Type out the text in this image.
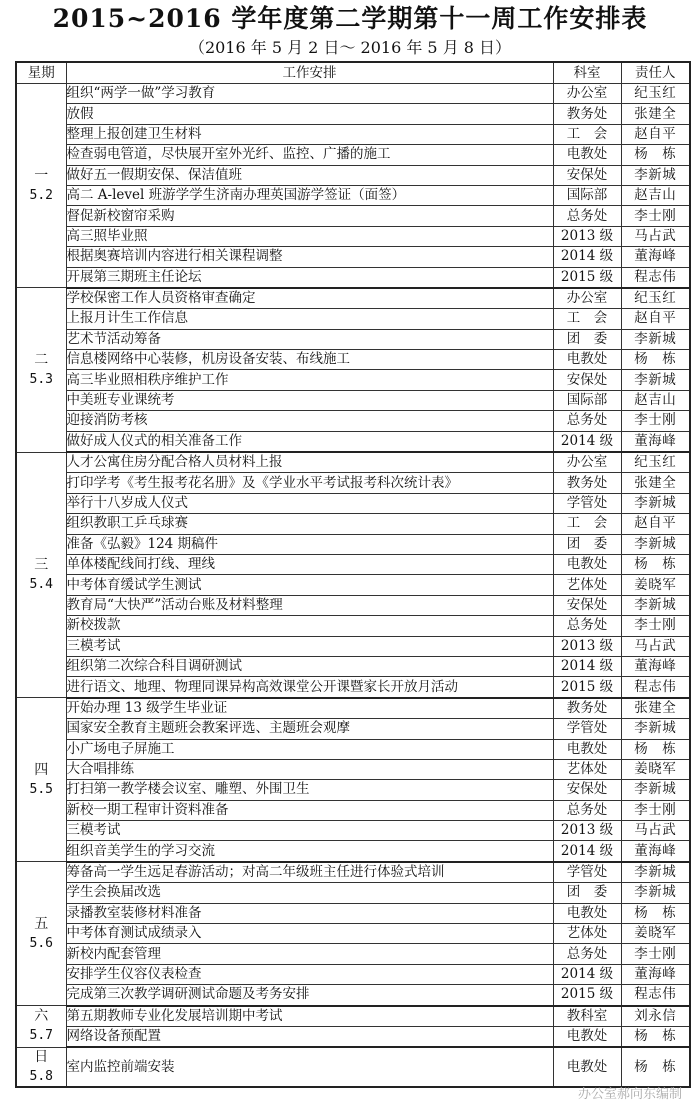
2015~2016 学年度第二学期第十一周工作安排表
（2016 年 5 月 2 日～ 2016 年 5 月 8 日）
星期	工作安排	科室	责任人

一
5.2	组织“两学一做”学习教育	办公室	纪玉红
	放假	教务处	张建全
	整理上报创建卫生材料	工　会	赵自平
	检查弱电管道，尽快展开室外光纤、监控、广播的施工	电教处	杨　栋
	做好五一假期安保、保洁值班	安保处	李新城
	高二 A-level 班游学学生济南办理英国游学签证（面签）	国际部	赵吉山
	督促新校窗帘采购	总务处	李士刚
	高三照毕业照	2013 级	马占武
	根据奥赛培训内容进行相关课程调整	2014 级	董海峰
	开展第三期班主任论坛	2015 级	程志伟

二
5.3	学校保密工作人员资格审查确定	办公室	纪玉红
	上报月计生工作信息	工　会	赵自平
	艺术节活动筹备	团　委	李新城
	信息楼网络中心装修，机房设备安装、布线施工	电教处	杨　栋
	高三毕业照相秩序维护工作	安保处	李新城
	中美班专业课统考	国际部	赵吉山
	迎接消防考核	总务处	李士刚
	做好成人仪式的相关准备工作	2014 级	董海峰

三
5.4	人才公寓住房分配合格人员材料上报	办公室	纪玉红
	打印学考《考生报考花名册》及《学业水平考试报考科次统计表》	教务处	张建全
	举行十八岁成人仪式	学管处	李新城
	组织教职工乒乓球赛	工　会	赵自平
	准备《弘毅》124 期稿件	团　委	李新城
	单体楼配线间打线、理线	电教处	杨　栋
	中考体育缓试学生测试	艺体处	姜晓军
	教育局“大快严”活动台账及材料整理	安保处	李新城
	新校拨款	总务处	李士刚
	三模考试	2013 级	马占武
	组织第二次综合科目调研测试	2014 级	董海峰
	进行语文、地理、物理同课异构高效课堂公开课暨家长开放月活动	2015 级	程志伟

四
5.5	开始办理 13 级学生毕业证	教务处	张建全
	国家安全教育主题班会教案评选、主题班会观摩	学管处	李新城
	小广场电子屏施工	电教处	杨　栋
	大合唱排练	艺体处	姜晓军
	打扫第一教学楼会议室、雕塑、外围卫生	安保处	李新城
	新校一期工程审计资料准备	总务处	李士刚
	三模考试	2013 级	马占武
	组织音美学生的学习交流	2014 级	董海峰

五
5.6	筹备高一学生远足春游活动；对高二年级班主任进行体验式培训	学管处	李新城
	学生会换届改选	团　委	李新城
	录播教室装修材料准备	电教处	杨　栋
	中考体育测试成绩录入	艺体处	姜晓军
	新校内配套管理	总务处	李士刚
	安排学生仪容仪表检查	2014 级	董海峰
	完成第三次教学调研测试命题及考务安排	2015 级	程志伟

六
5.7	第五期教师专业化发展培训期中考试	教科室	刘永信
	网络设备预配置	电教处	杨　栋

日
5.8	室内监控前端安装	电教处	杨　栋
办公室郝向东编制
